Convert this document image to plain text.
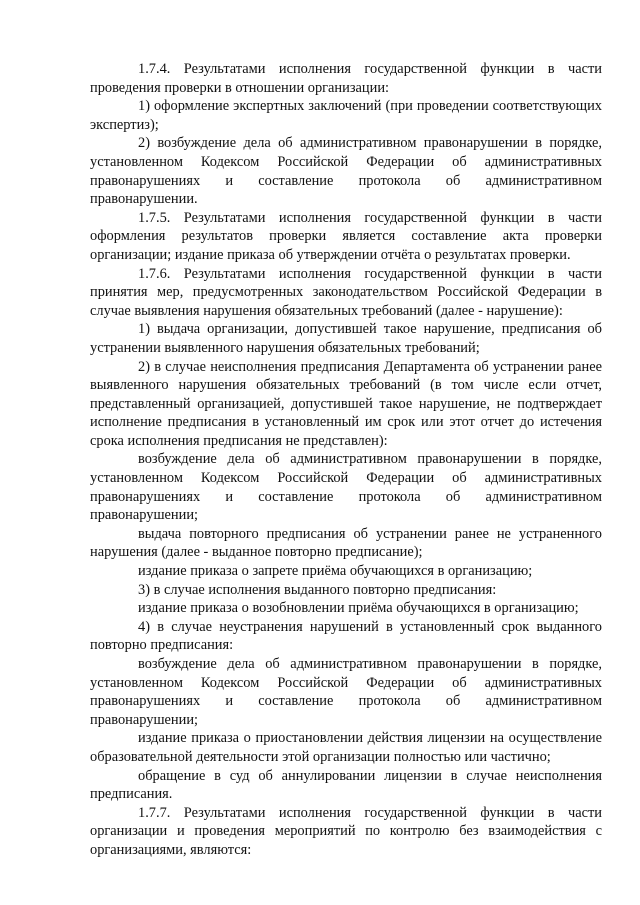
1.7.4. Результатами исполнения государственной функции в части проведения проверки в отношении организации:

1) оформление экспертных заключений (при проведении соответствующих экспертиз);

2) возбуждение дела об административном правонарушении в порядке, установленном Кодексом Российской Федерации об административных правонарушениях и составление протокола об административном правонарушении.

1.7.5. Результатами исполнения государственной функции в части оформления результатов проверки является составление акта проверки организации; издание приказа об утверждении отчёта о результатах проверки.

1.7.6. Результатами исполнения государственной функции в части принятия мер, предусмотренных законодательством Российской Федерации в случае выявления нарушения обязательных требований (далее - нарушение):

1) выдача организации, допустившей такое нарушение, предписания об устранении выявленного нарушения обязательных требований;

2) в случае неисполнения предписания Департамента об устранении ранее выявленного нарушения обязательных требований (в том числе если отчет, представленный организацией, допустившей такое нарушение, не подтверждает исполнение предписания в установленный им срок или этот отчет до истечения срока исполнения предписания не представлен):

возбуждение дела об административном правонарушении в порядке, установленном Кодексом Российской Федерации об административных правонарушениях и составление протокола об административном правонарушении;

выдача повторного предписания об устранении ранее не устраненного нарушения (далее - выданное повторно предписание);

издание приказа о запрете приёма обучающихся в организацию;

3) в случае исполнения выданного повторно предписания:

издание приказа о возобновлении приёма обучающихся в организацию;

4) в случае неустранения нарушений в установленный срок выданного повторно предписания:

возбуждение дела об административном правонарушении в порядке, установленном Кодексом Российской Федерации об административных правонарушениях и составление протокола об административном правонарушении;

издание приказа о приостановлении действия лицензии на осуществление образовательной деятельности этой организации полностью или частично;

обращение в суд об аннулировании лицензии в случае неисполнения предписания.

1.7.7. Результатами исполнения государственной функции в части организации и проведения мероприятий по контролю без взаимодействия с организациями, являются:
